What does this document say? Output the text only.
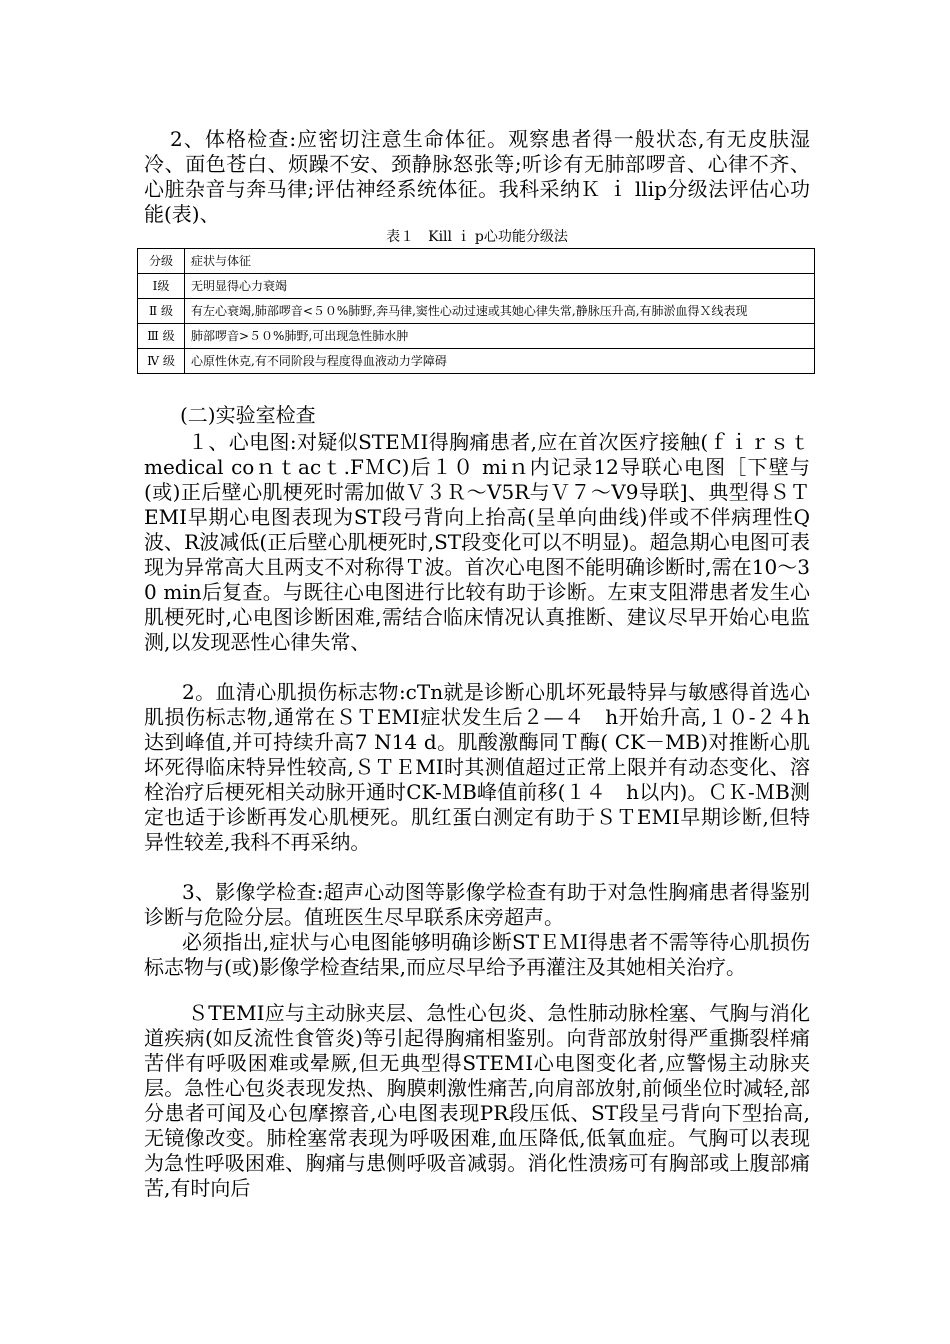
2、体格检查:应密切注意生命体征。观察患者得一般状态,有无皮肤湿冷、面色苍白、烦躁不安、颈静脉怒张等;听诊有无肺部啰音、心律不齐、心脏杂音与奔马律;评估神经系统体征。我科采纳Ｋ ｉ llip分级法评估心功能(表)、

表１　Kill ｉ p心功能分级法
分级	症状与体征
Ⅰ级	无明显得心力衰竭
Ⅱ 级	有左心衰竭,肺部啰音<５０%肺野,奔马律,窦性心动过速或其她心律失常,静脉压升高,有肺淤血得Ｘ线表现
Ⅲ 级	肺部啰音>５０%肺野,可出现急性肺水肿
Ⅳ 级	心原性休克,有不同阶段与程度得血液动力学障碍

(二)实验室检查

１、心电图:对疑似STEＭI得胸痛患者,应在首次医疗接触(ｆｉｒｓｔ medical coｎｔacｔ.FＭC)后１０ miｎ内记录12导联心电图［下壁与(或)正后壁心肌梗死时需加做Ｖ３Ｒ～V5R与Ｖ７～V9导联]、典型得ＳＴ EMI早期心电图表现为ST段弓背向上抬高(呈单向曲线)伴或不伴病理性Q波、R波减低(正后壁心肌梗死时,ST段变化可以不明显)。超急期心电图可表现为异常高大且两支不对称得Ｔ波。首次心电图不能明确诊断时,需在10～30 min后复查。与既往心电图进行比较有助于诊断。左束支阻滞患者发生心肌梗死时,心电图诊断困难,需结合临床情况认真推断、建议尽早开始心电监测,以发现恶性心律失常、

2。血清心肌损伤标志物:cTn就是诊断心肌坏死最特异与敏感得首选心肌损伤标志物,通常在ＳＴEMI症状发生后２—４　h开始升高,１０-２４h达到峰值,并可持续升高7 N14 d。肌酸激酶同Ｔ酶( CK－MB)对推断心肌坏死得临床特异性较高,ＳＴＥMI时其测值超过正常上限并有动态变化、溶栓治疗后梗死相关动脉开通时CK-ＭB峰值前移(１４　h以内)。ＣＫ-ＭB测定也适于诊断再发心肌梗死。肌红蛋白测定有助于ＳＴEMI早期诊断,但特异性较差,我科不再采纳。

3、影像学检查:超声心动图等影像学检查有助于对急性胸痛患者得鉴别诊断与危险分层。值班医生尽早联系床旁超声。

必须指出,症状与心电图能够明确诊断STＥＭI得患者不需等待心肌损伤标志物与(或)影像学检查结果,而应尽早给予再灌注及其她相关治疗。

ＳTEMI应与主动脉夹层、急性心包炎、急性肺动脉栓塞、气胸与消化道疾病(如反流性食管炎)等引起得胸痛相鉴别。向背部放射得严重撕裂样痛苦伴有呼吸困难或晕厥,但无典型得STEMⅠ心电图变化者,应警惕主动脉夹层。急性心包炎表现发热、胸膜刺激性痛苦,向肩部放射,前倾坐位时减轻,部分患者可闻及心包摩擦音,心电图表现PR段压低、ST段呈弓背向下型抬高,无镜像改变。肺栓塞常表现为呼吸困难,血压降低,低氧血症。气胸可以表现为急性呼吸困难、胸痛与患侧呼吸音减弱。消化性溃疡可有胸部或上腹部痛苦,有时向后
